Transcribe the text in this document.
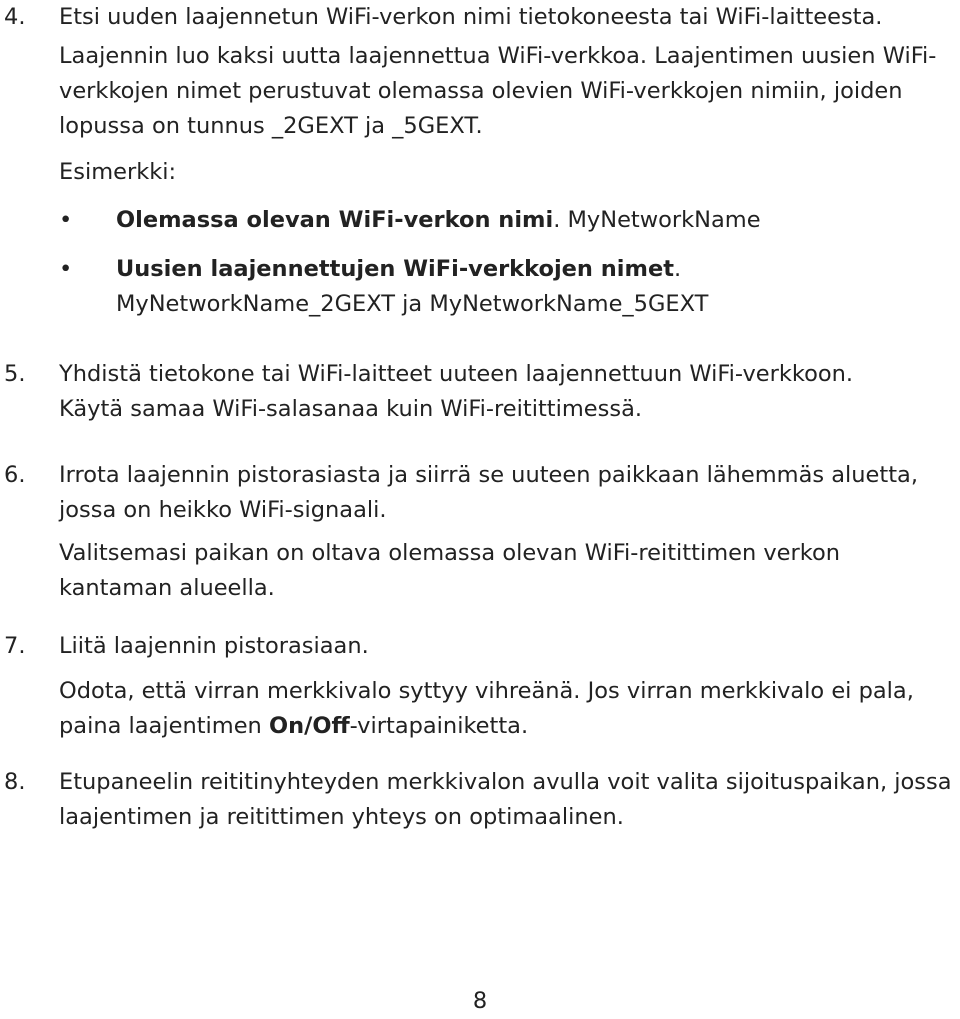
4. Etsi uuden laajennetun WiFi-verkon nimi tietokoneesta tai WiFi-laitteesta.
Laajennin luo kaksi uutta laajennettua WiFi-verkkoa. Laajentimen uusien WiFi-verkkojen nimet perustuvat olemassa olevien WiFi-verkkojen nimiin, joiden lopussa on tunnus _2GEXT ja _5GEXT.
Esimerkki:
• Olemassa olevan WiFi-verkon nimi. MyNetworkName
• Uusien laajennettujen WiFi-verkkojen nimet.
MyNetworkName_2GEXT ja MyNetworkName_5GEXT
5. Yhdistä tietokone tai WiFi-laitteet uuteen laajennettuun WiFi-verkkoon.
Käytä samaa WiFi-salasanaa kuin WiFi-reitittimessä.
6. Irrota laajennin pistorasiasta ja siirrä se uuteen paikkaan lähemmäs aluetta, jossa on heikko WiFi-signaali.
Valitsemasi paikan on oltava olemassa olevan WiFi-reitittimen verkon kantaman alueella.
7. Liitä laajennin pistorasiaan.
Odota, että virran merkkivalo syttyy vihreänä. Jos virran merkkivalo ei pala, paina laajentimen On/Off-virtapainiketta.
8. Etupaneelin reititinyhteyden merkkivalon avulla voit valita sijoituspaikan, jossa laajentimen ja reitittimen yhteys on optimaalinen.
8
